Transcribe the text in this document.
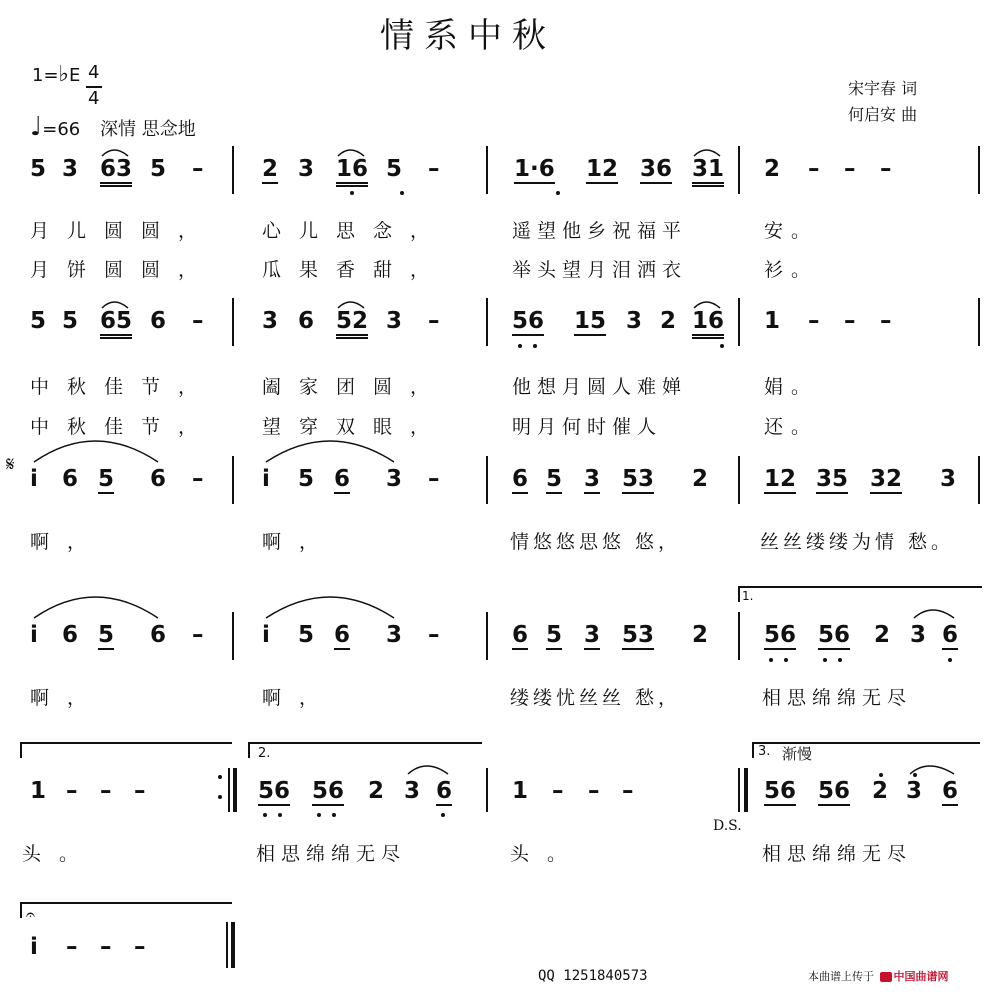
情系中秋
1=♭E 4
4
♩=66 深情 思念地
宋宇春 词
何启安 曲
5 3 63 5 –	2 3 16 5 –	1·6 12 36 31 2 – – –
月儿圆圆， 心儿思念，	遥望他乡祝福平	安。
月饼圆圆， 瓜果香甜，	举头望月泪洒衣	衫。
5 5 65 6 –	3 6 52 3 –	56 15 3 2 16 1 – – –
中秋佳节， 阖家团圆，	他想月圆人难婵	娟。
中秋佳节， 望穿双眼，	明月何时催人	还。
𝄋
i 6 5 6 –	i 5 6 3 –	6 5 3 53 2 12 35 32 3
啊，	啊，	情悠悠思悠 悠，	丝丝缕缕为情 愁。
1.
i 6 5 6 –	i 5 6 3 –	6 5 3 53 2 56 56 2 3 6
啊，	啊，	缕缕忧丝丝 愁，	相思绵绵无尽
2.	3. 渐慢
1 – – –	56 56 2 3 6	1 – – –	56 56 2 3 6
D.S.
头。	相思绵绵无尽	头。	相思绵绵无尽
𝄐
i – – –
QQ 1251840573	本曲谱上传于 中国曲谱网
